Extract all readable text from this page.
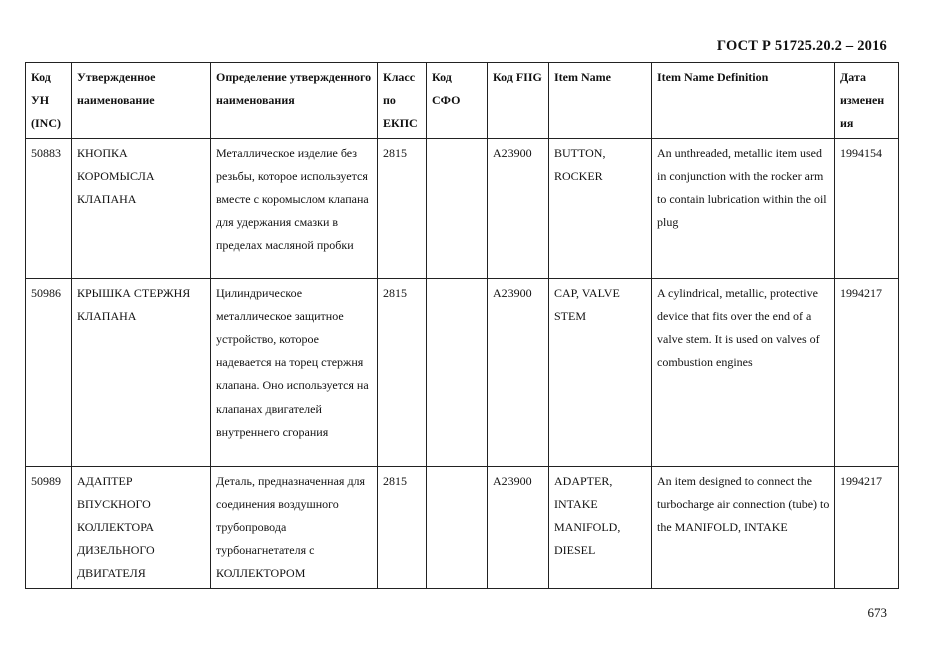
ГОСТ Р 51725.20.2 – 2016
Код УН (INC)	Утвержденное наименование	Определение утвержденного наименования	Класс по ЕКПС	Код СФО	Код FIIG	Item Name	Item Name Definition	Дата изменен ия
50883	КНОПКА КОРОМЫСЛА КЛАПАНА	Металлическое изделие без резьбы, которое используется вместе с коромыслом клапана для удержания смазки в пределах масляной пробки	2815		A23900	BUTTON, ROCKER	An unthreaded, metallic item used in conjunction with the rocker arm to contain lubrication within the oil plug	1994154
50986	КРЫШКА СТЕРЖНЯ КЛАПАНА	Цилиндрическое металлическое защитное устройство, которое надевается на торец стержня клапана. Оно используется на клапанах двигателей внутреннего сгорания	2815		A23900	CAP, VALVE STEM	A cylindrical, metallic, protective device that fits over the end of a valve stem. It is used on valves of combustion engines	1994217
50989	АДАПТЕР ВПУСКНОГО КОЛЛЕКТОРА ДИЗЕЛЬНОГО ДВИГАТЕЛЯ	Деталь, предназначенная для соединения воздушного трубопровода турбонагнетателя с КОЛЛЕКТОРОМ	2815		A23900	ADAPTER, INTAKE MANIFOLD, DIESEL	An item designed to connect the turbocharge air connection (tube) to the MANIFOLD, INTAKE	1994217
673
